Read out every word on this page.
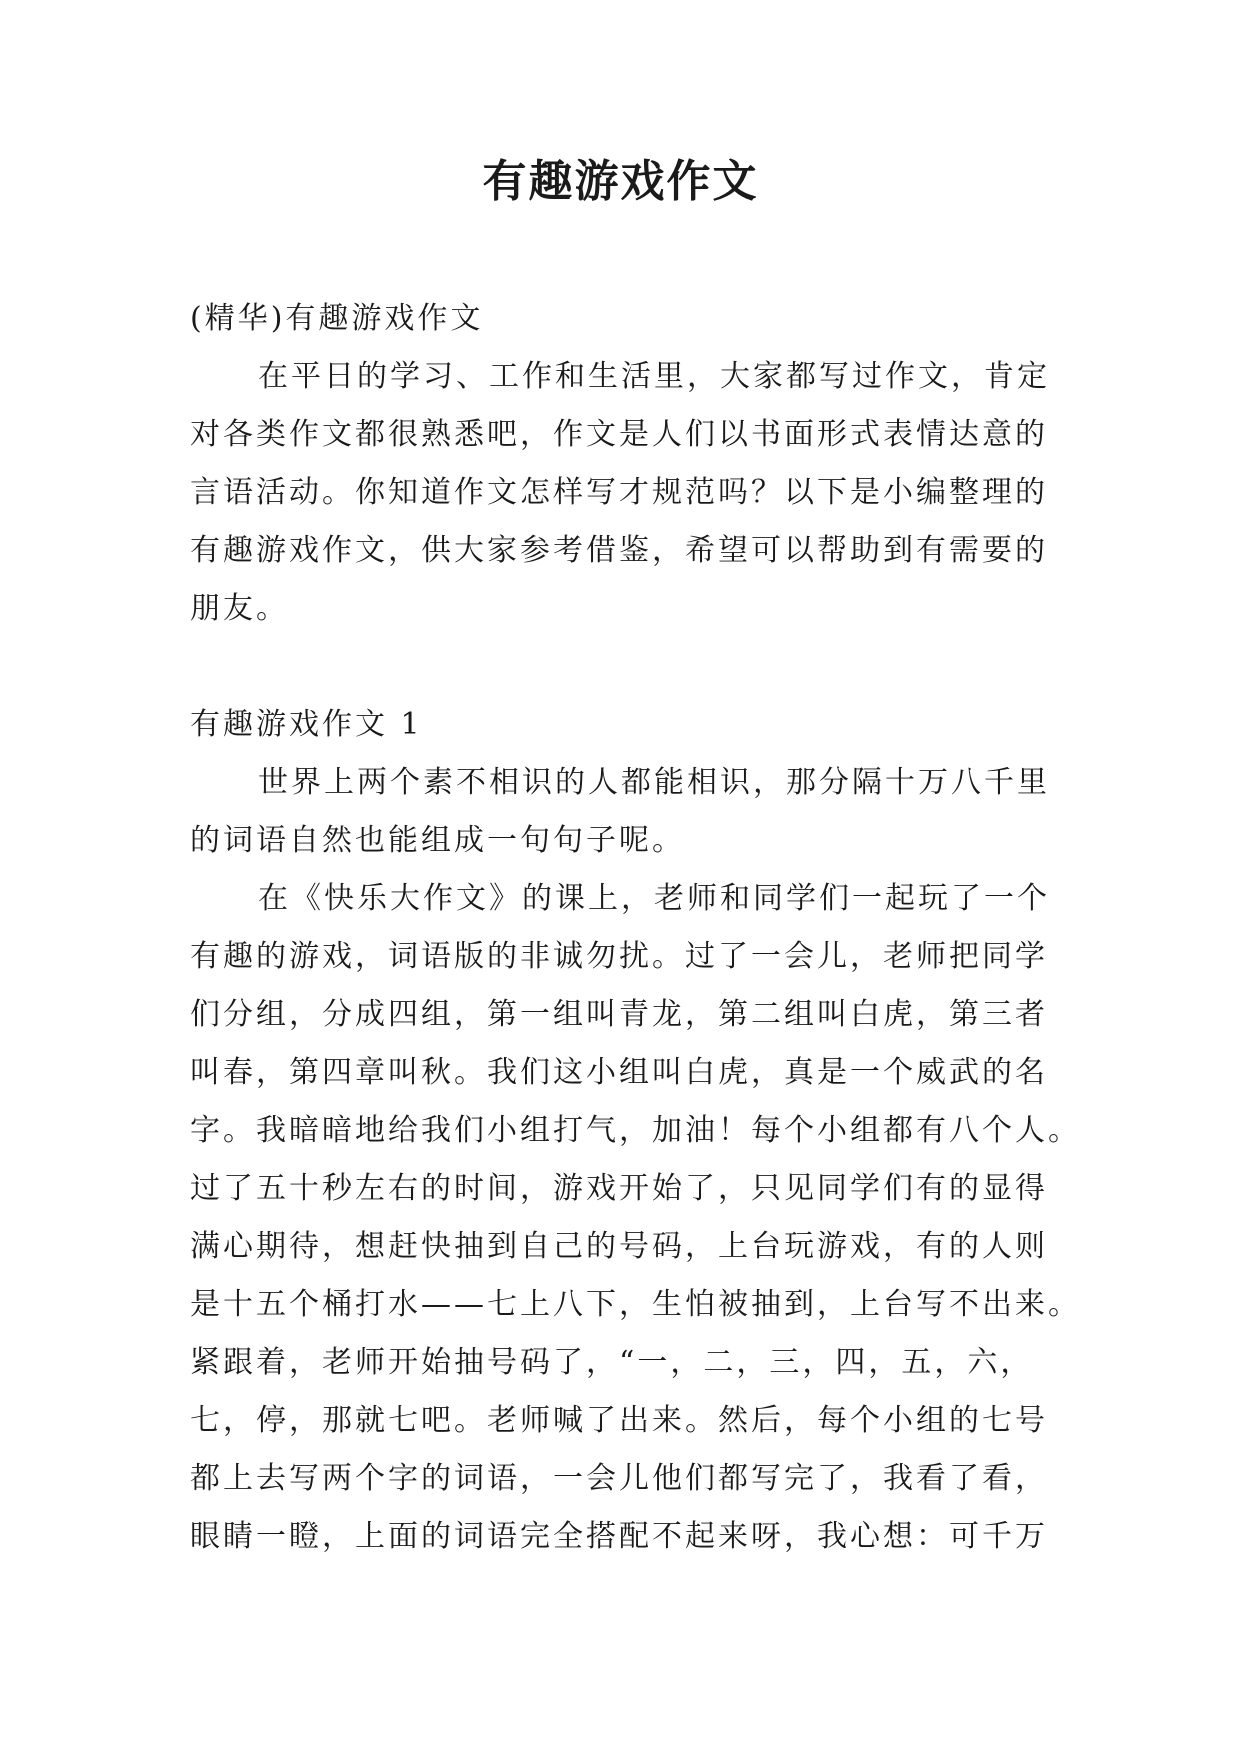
有趣游戏作文
(精华)有趣游戏作文
在平日的学习、工作和生活里，大家都写过作文，肯定
对各类作文都很熟悉吧，作文是人们以书面形式表情达意的
言语活动。你知道作文怎样写才规范吗？以下是小编整理的
有趣游戏作文，供大家参考借鉴，希望可以帮助到有需要的
朋友。
有趣游戏作文 1
世界上两个素不相识的人都能相识，那分隔十万八千里
的词语自然也能组成一句句子呢。
在《快乐大作文》的课上，老师和同学们一起玩了一个
有趣的游戏，词语版的非诚勿扰。过了一会儿，老师把同学
们分组，分成四组，第一组叫青龙，第二组叫白虎，第三者
叫春，第四章叫秋。我们这小组叫白虎，真是一个威武的名
字。我暗暗地给我们小组打气，加油！每个小组都有八个人。
过了五十秒左右的时间，游戏开始了，只见同学们有的显得
满心期待，想赶快抽到自己的号码，上台玩游戏，有的人则
是十五个桶打水——七上八下，生怕被抽到，上台写不出来。
紧跟着，老师开始抽号码了，“一，二，三，四，五，六，
七，停，那就七吧。老师喊了出来。然后，每个小组的七号
都上去写两个字的词语，一会儿他们都写完了，我看了看，
眼睛一瞪，上面的词语完全搭配不起来呀，我心想：可千万
